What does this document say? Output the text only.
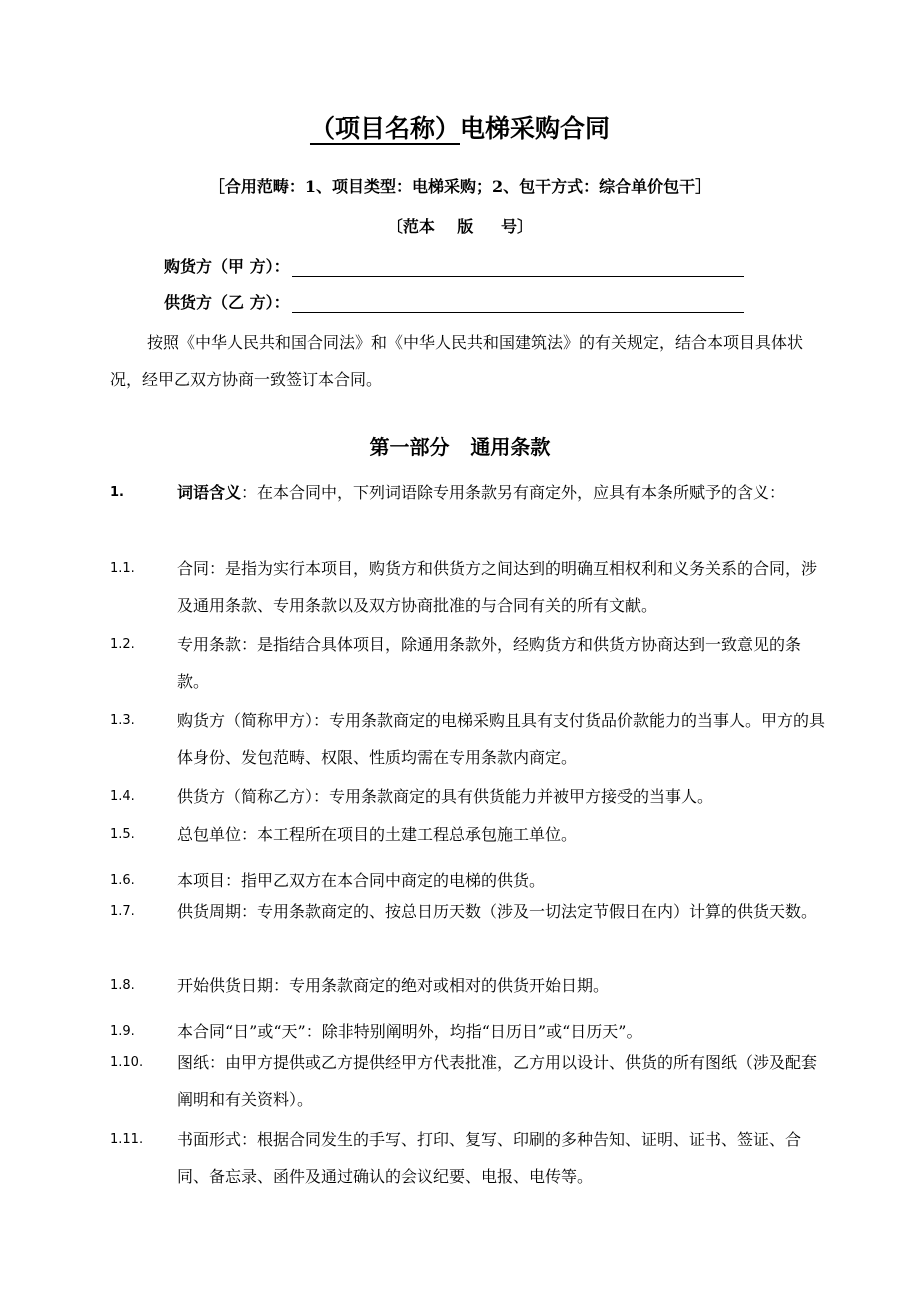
（项目名称）电梯采购合同
［合用范畴：1、项目类型：电梯采购；2、包干方式：综合单价包干］
〔范本    版     号〕
购货方（甲 方）：
供货方（乙 方）：
按照《中华人民共和国合同法》和《中华人民共和国建筑法》的有关规定，结合本项目具体状况，经甲乙双方协商一致签订本合同。
第一部分   通用条款
1.	词语含义：在本合同中，下列词语除专用条款另有商定外，应具有本条所赋予的含义：
1.1.	合同：是指为实行本项目，购货方和供货方之间达到的明确互相权利和义务关系的合同，涉及通用条款、专用条款以及双方协商批准的与合同有关的所有文献。
1.2.	专用条款：是指结合具体项目，除通用条款外，经购货方和供货方协商达到一致意见的条款。
1.3.	购货方（简称甲方）：专用条款商定的电梯采购且具有支付货品价款能力的当事人。甲方的具体身份、发包范畴、权限、性质均需在专用条款内商定。
1.4.	供货方（简称乙方）：专用条款商定的具有供货能力并被甲方接受的当事人。
1.5.	总包单位：本工程所在项目的土建工程总承包施工单位。
1.6.	本项目：指甲乙双方在本合同中商定的电梯的供货。
1.7.	供货周期：专用条款商定的、按总日历天数（涉及一切法定节假日在内）计算的供货天数。
1.8.	开始供货日期：专用条款商定的绝对或相对的供货开始日期。
1.9.	本合同“日”或“天”：除非特别阐明外，均指“日历日”或“日历天”。
1.10. 图纸：由甲方提供或乙方提供经甲方代表批准，乙方用以设计、供货的所有图纸（涉及配套阐明和有关资料）。
1.11. 书面形式：根据合同发生的手写、打印、复写、印刷的多种告知、证明、证书、签证、合同、备忘录、函件及通过确认的会议纪要、电报、电传等。
